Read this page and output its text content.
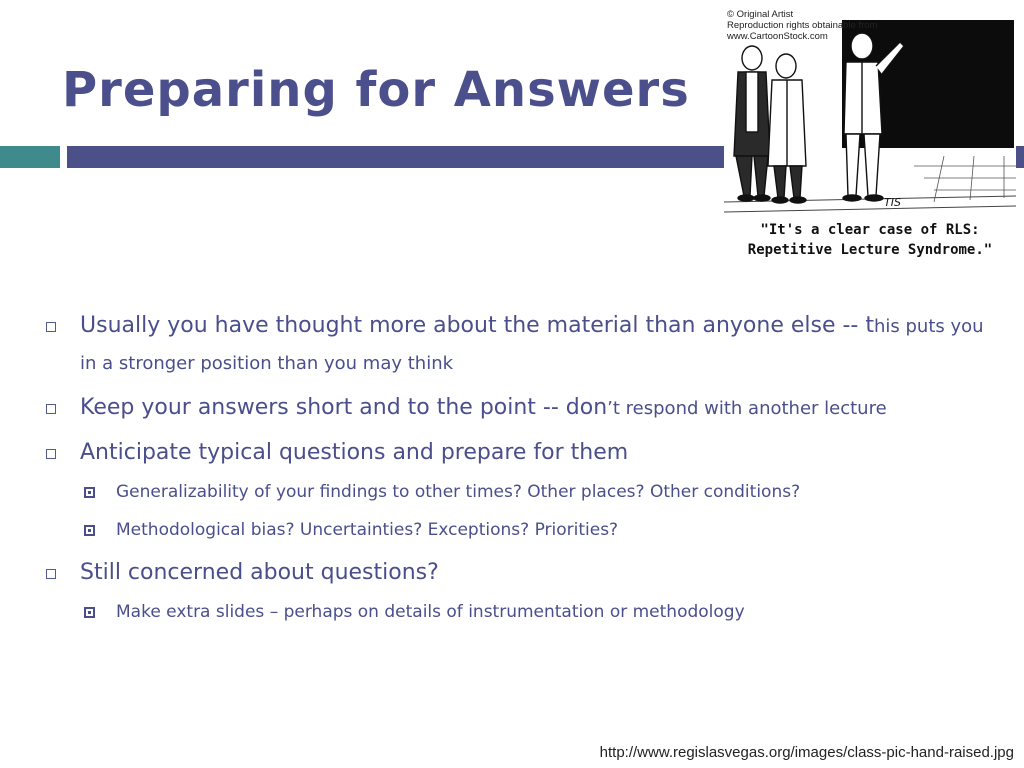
Preparing for Answers
© Original Artist
Reproduction rights obtainable from
www.CartoonStock.com
TIS
"It's a clear case of RLS:
Repetitive Lecture Syndrome."
Usually you have thought more about the material than anyone else -- this puts you in a stronger position than you may think
Keep your answers short and to the point -- don’t respond with another lecture
Anticipate typical questions and prepare for them
Generalizability of your findings to other times? Other places? Other conditions?
Methodological bias? Uncertainties? Exceptions? Priorities?
Still concerned about questions?
Make extra slides – perhaps on details of instrumentation or methodology
http://www.regislasvegas.org/images/class-pic-hand-raised.jpg
